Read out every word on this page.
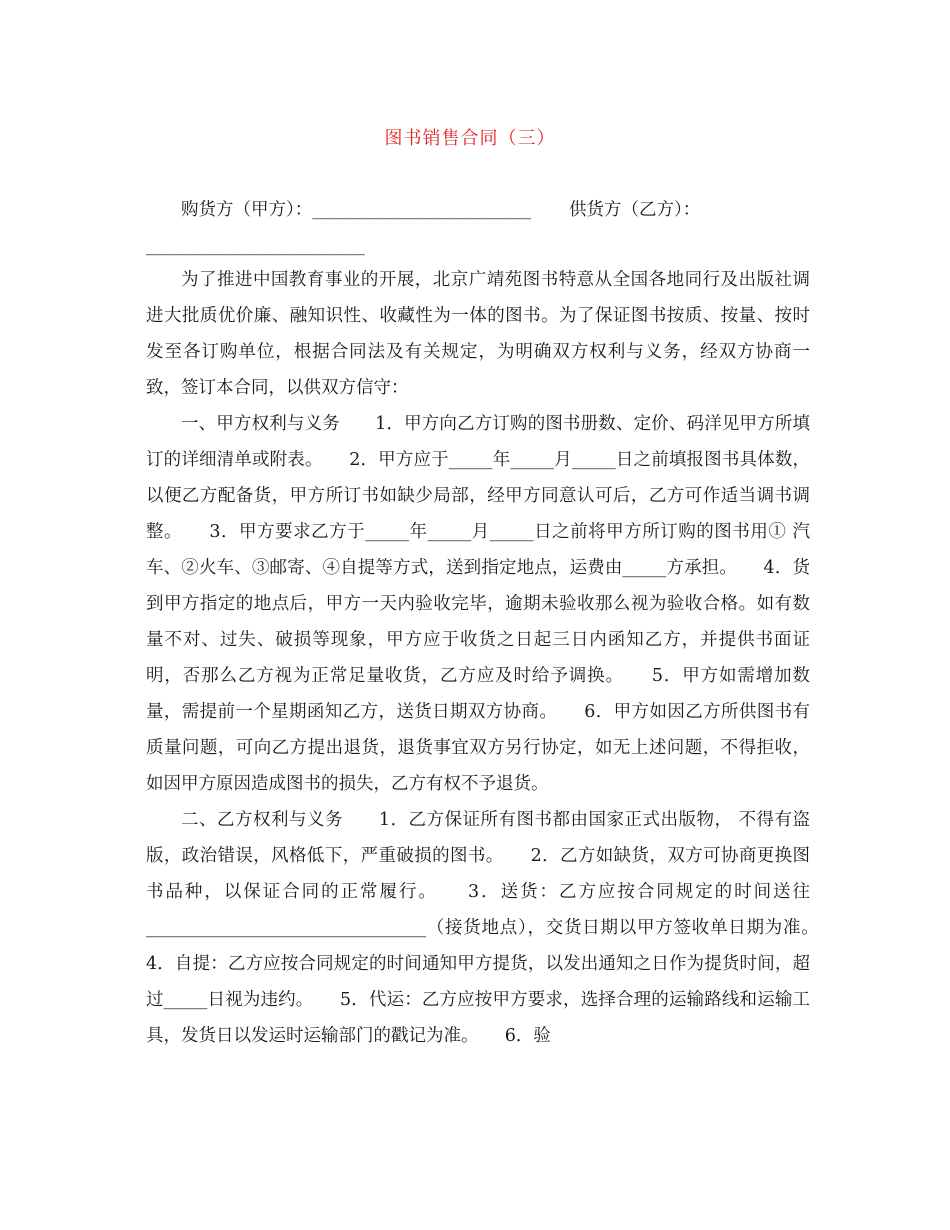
图书销售合同（三）
购货方（甲方）：_________________________ 供货方（乙方）：
_________________________

为了推进中国教育事业的开展，北京广靖苑图书特意从全国各地同行及出版社调进大批质优价廉、融知识性、收藏性为一体的图书。为了保证图书按质、按量、按时发至各订购单位，根据合同法及有关规定，为明确双方权利与义务，经双方协商一致，签订本合同，以供双方信守：

一、甲方权利与义务　　1．甲方向乙方订购的图书册数、定价、码洋见甲方所填订的详细清单或附表。　　2．甲方应于_____年_____月_____日之前填报图书具体数，以便乙方配备货，甲方所订书如缺少局部，经甲方同意认可后，乙方可作适当调书调整。　　3．甲方要求乙方于_____年_____月_____日之前将甲方所订购的图书用① 汽车、②火车、③邮寄、④自提等方式，送到指定地点，运费由_____方承担。　　4．货到甲方指定的地点后，甲方一天内验收完毕，逾期未验收那么视为验收合格。如有数量不对、过失、破损等现象，甲方应于收货之日起三日内函知乙方，并提供书面证明，否那么乙方视为正常足量收货，乙方应及时给予调换。　　5．甲方如需增加数量，需提前一个星期函知乙方，送货日期双方协商。　　6．甲方如因乙方所供图书有质量问题，可向乙方提出退货，退货事宜双方另行协定，如无上述问题，不得拒收，如因甲方原因造成图书的损失，乙方有权不予退货。

二、乙方权利与义务　　1．乙方保证所有图书都由国家正式出版物， 不得有盗版，政治错误，风格低下，严重破损的图书。　　2．乙方如缺货，双方可协商更换图书品种，以保证合同的正常履行。　　3．送货：乙方应按合同规定的时间送往________________________________（接货地点），交货日期以甲方签收单日期为准。　　4．自提：乙方应按合同规定的时间通知甲方提货，以发出通知之日作为提货时间，超过_____日视为违约。　　5．代运：乙方应按甲方要求，选择合理的运输路线和运输工具，发货日以发运时运输部门的戳记为准。　　6．验
